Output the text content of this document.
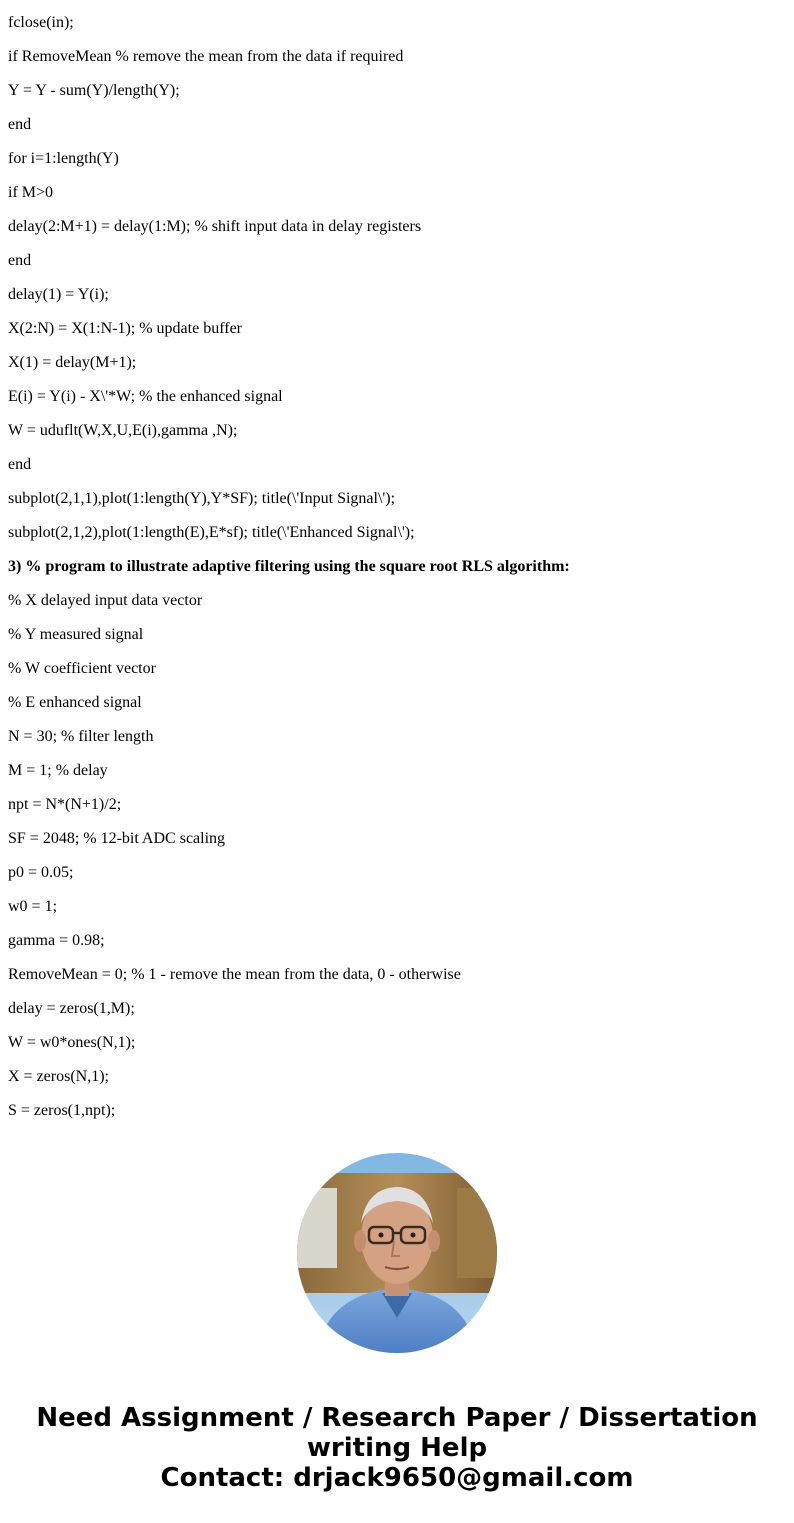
fclose(in);

if RemoveMean % remove the mean from the data if required

Y = Y - sum(Y)/length(Y);

end

for i=1:length(Y)

if M>0

delay(2:M+1) = delay(1:M); % shift input data in delay registers

end

delay(1) = Y(i);

X(2:N) = X(1:N-1); % update buffer

X(1) = delay(M+1);

E(i) = Y(i) - X\'*W; % the enhanced signal

W = uduflt(W,X,U,E(i),gamma ,N);

end

subplot(2,1,1),plot(1:length(Y),Y*SF); title(\'Input Signal\');

subplot(2,1,2),plot(1:length(E),E*sf); title(\'Enhanced Signal\');

3) % program to illustrate adaptive filtering using the square root RLS algorithm:

% X delayed input data vector

% Y measured signal

% W coefficient vector

% E enhanced signal

N = 30; % filter length

M = 1; % delay

npt = N*(N+1)/2;

SF = 2048; % 12-bit ADC scaling

p0 = 0.05;

w0 = 1;

gamma = 0.98;

RemoveMean = 0; % 1 - remove the mean from the data, 0 - otherwise

delay = zeros(1,M);

W = w0*ones(N,1);

X = zeros(N,1);

S = zeros(1,npt);

Need Assignment / Research Paper / Dissertation
writing Help
Contact: drjack9650@gmail.com
